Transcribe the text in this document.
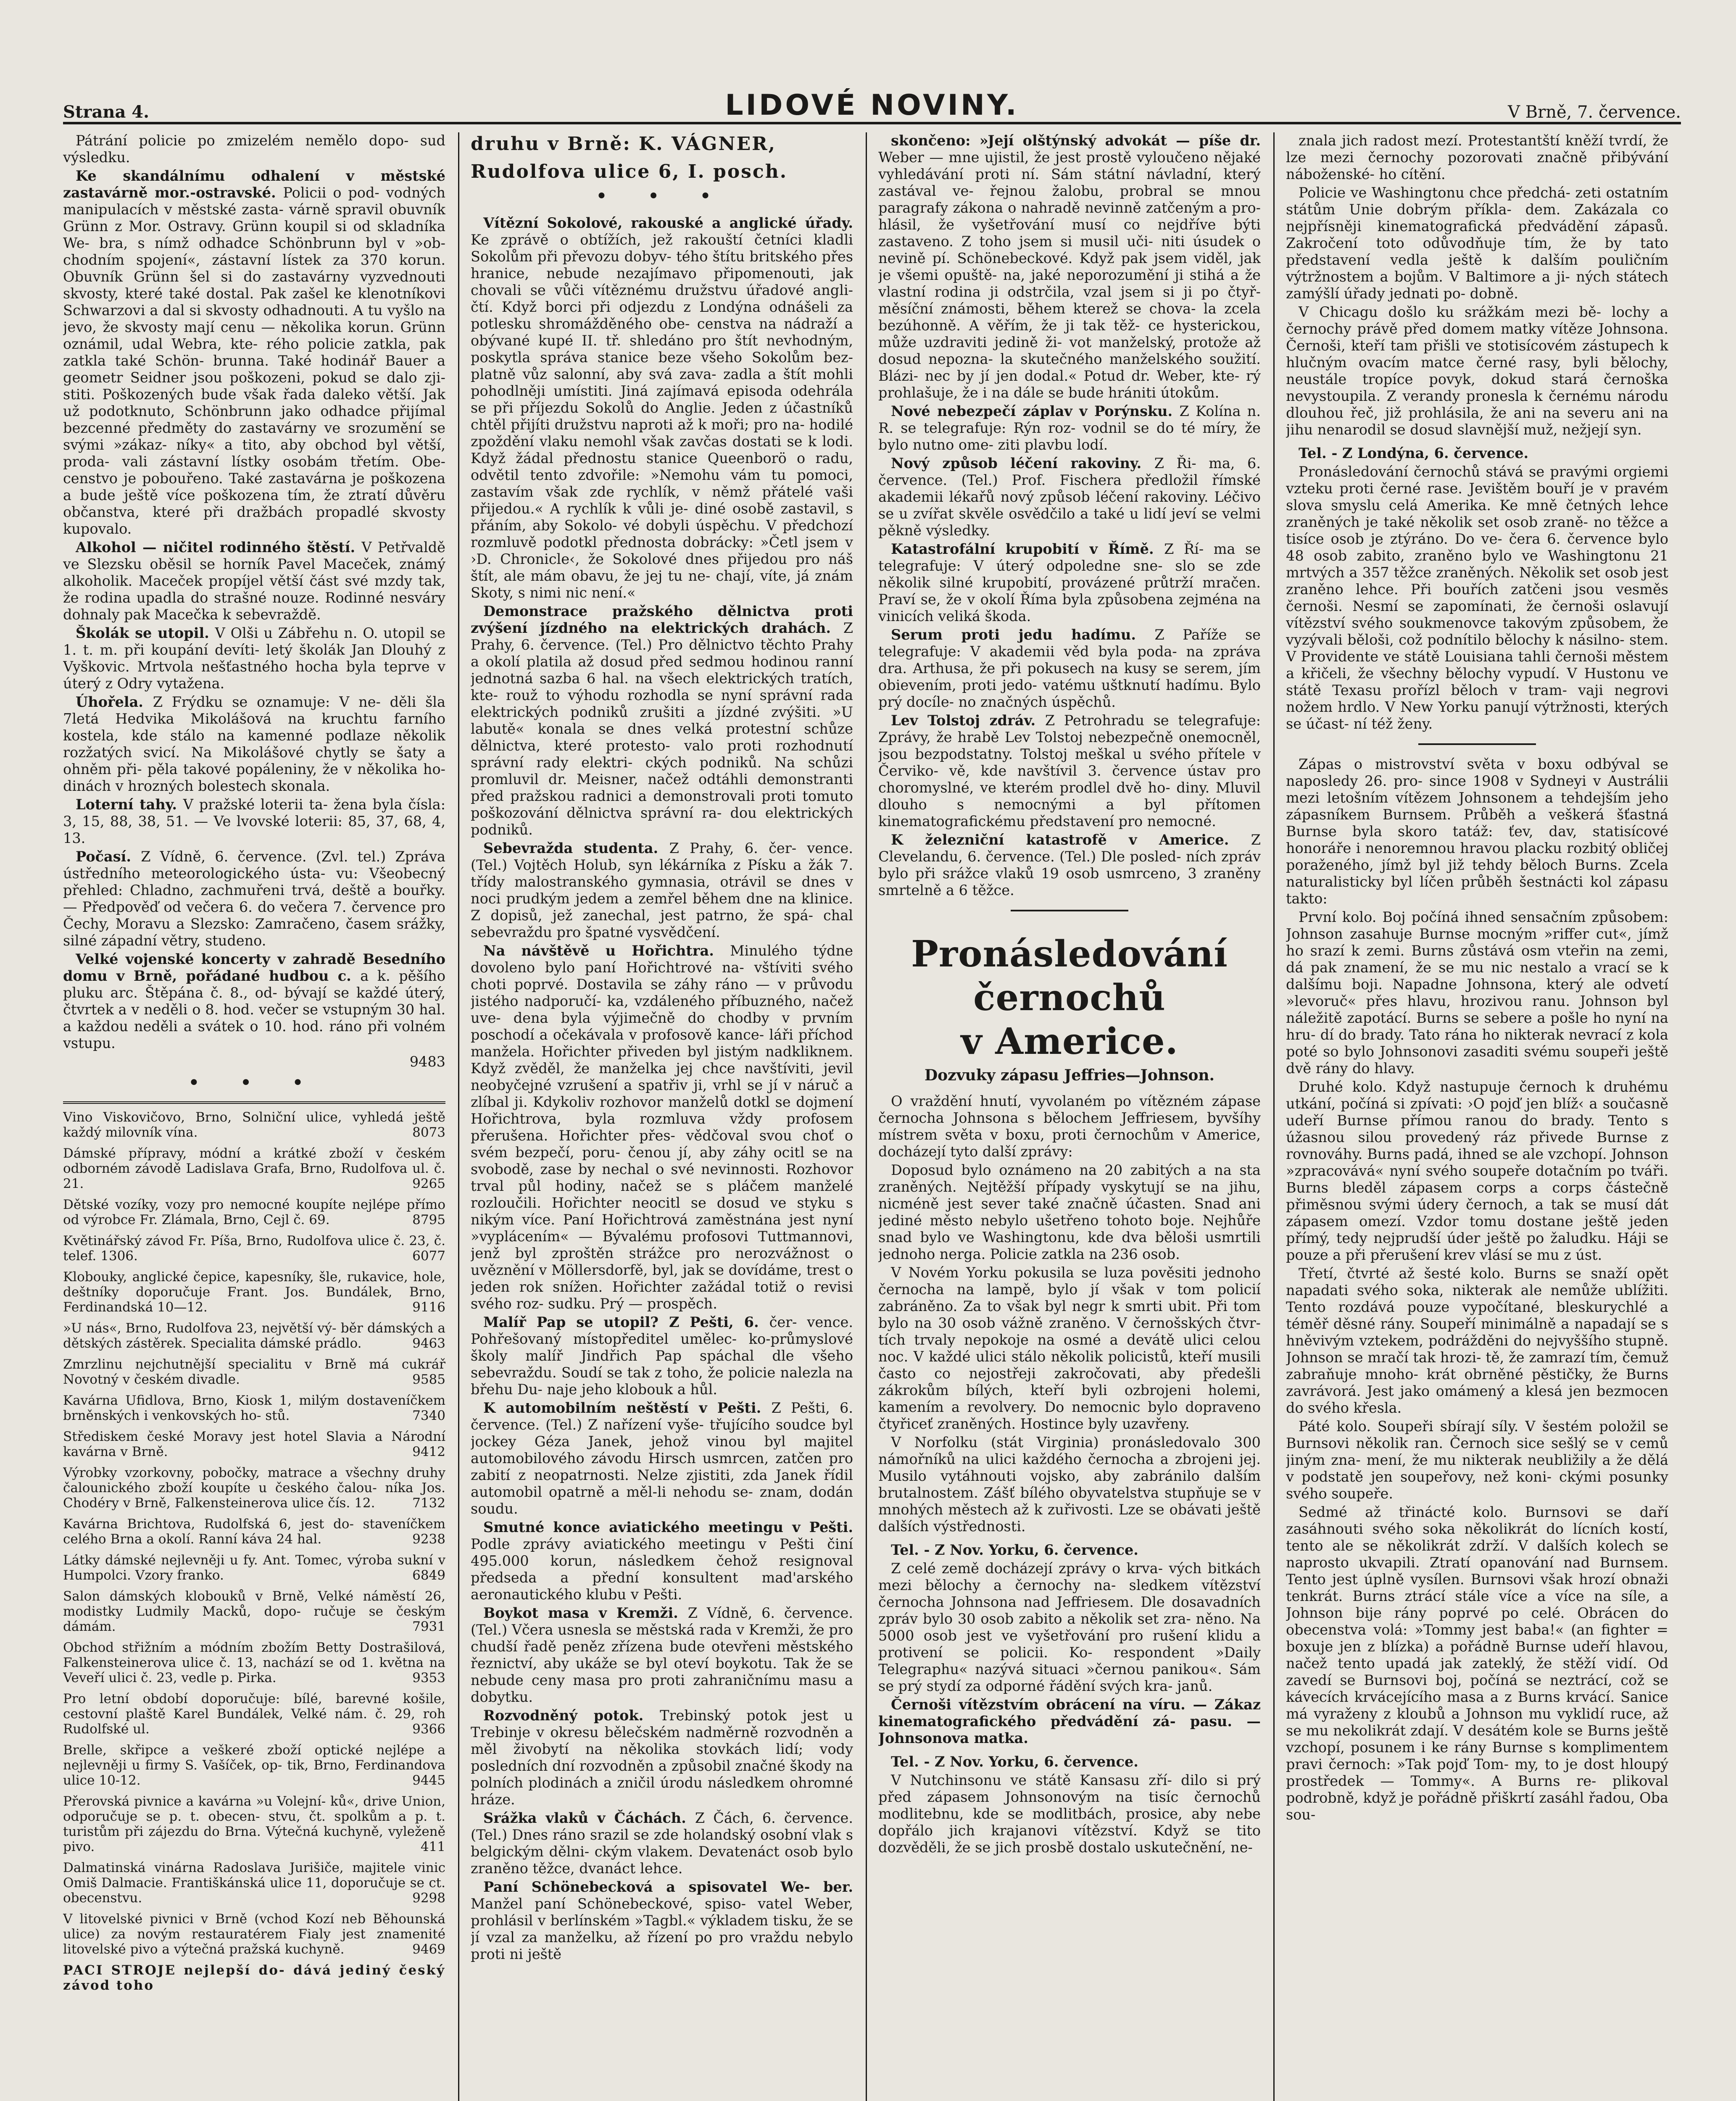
Strana 4.	LIDOVÉ NOVINY.	V Brně, 7. července.

Pátrání policie po zmizelém nemělo dopo- sud výsledku.

Ke skandálnímu odhalení v městské zastavárně mor.-ostravské. Policii o pod- vodných manipulacích v městské zasta- várně spravil obuvník Grünn z Mor. Ostravy. Grünn koupil si od skladníka We- bra, s nímž odhadce Schönbrunn byl v »ob- chodním spojení«, zástavní lístek za 370 korun. Obuvník Grünn šel si do zastavárny vyzvednouti skvosty, které také dostal. Pak zašel ke klenotníkovi Schwarzovi a dal si skvosty odhadnouti. A tu vyšlo na jevo, že skvosty mají cenu — několika korun. Grünn oznámil, udal Webra, kte- rého policie zatkla, pak zatkla také Schön- brunna. Také hodinář Bauer a geometr Seidner jsou poškozeni, pokud se dalo zji- stiti. Poškozených bude však řada daleko větší. Jak už podotknuto, Schönbrunn jako odhadce přijímal bezcenné předměty do zastavárny ve srozumění se svými »zákaz- níky« a tito, aby obchod byl větší, proda- vali zástavní lístky osobám třetím. Obe- censtvo je pobouřeno. Také zastavárna je poškozena a bude ještě více poškozena tím, že ztratí důvěru občanstva, které při dražbách propadlé skvosty kupovalo.

Alkohol — ničitel rodinného štěstí. V Petřvaldě ve Slezsku oběsil se horník Pavel Maceček, známý alkoholik. Maceček propíjel větší část své mzdy tak, že rodina upadla do strašné nouze. Rodinné nesváry dohnaly pak Macečka k sebevraždě.

Školák se utopil. V Olši u Zábřehu n. O. utopil se 1. t. m. při koupání devíti- letý školák Jan Dlouhý z Vyškovic. Mrtvola nešťastného hocha byla teprve v úterý z Odry vytažena.

Úhořela. Z Frýdku se oznamuje: V ne- děli šla 7letá Hedvika Mikolášová na kruchtu farního kostela, kde stálo na kamenné podlaze několik rozžatých svicí. Na Mikolášové chytly se šaty a ohněm při- pěla takové popáleniny, že v několika ho- dinách v hrozných bolestech skonala.

Loterní tahy. V pražské loterii ta- žena byla čísla: 3, 15, 88, 38, 51. — Ve lvovské loterii: 85, 37, 68, 4, 13.

Počasí. Z Vídně, 6. července. (Zvl. tel.) Zpráva ústředního meteorologického ústa- vu: Všeobecný přehled: Chladno, zachmuřeni trvá, deště a bouřky. — Předpověď od večera 6. do večera 7. července pro Čechy, Moravu a Slezsko: Zamračeno, časem srážky, silné západní větry, studeno.

Velké vojenské koncerty v zahradě Besedního domu v Brně, pořádané hudbou c. a k. pěšího pluku arc. Štěpána č. 8., od- bývají se každé úterý, čtvrtek a v neděli o 8. hod. večer se vstupným 30 hal. a každou neděli a svátek o 10. hod. ráno při volném vstupu.

9483

• • •

Vino Viskovičovo, Brno, Solniční ulice, vyhledá ještě každý milovník vína.	8073

Dámské přípravy, módní a krátké zboží v českém odborném závodě Ladislava Grafa, Brno, Rudolfova ul. č. 21.	9265

Dětské vozíky, vozy pro nemocné koupíte nejlépe přímo od výrobce Fr. Zlámala, Brno, Cejl č. 69.	8795

Květinářský závod Fr. Píša, Brno, Rudolfova ulice č. 23, č. telef. 1306.	6077

Klobouky, anglické čepice, kapesníky, šle, rukavice, hole, deštníky doporučuje Frant. Jos. Bundálek, Brno, Ferdinandská 10—12.	9116

»U nás«, Brno, Rudolfova 23, největší vý- běr dámských a dětských zástěrek. Specialita dámské prádlo.	9463

Zmrzlinu nejchutnější specialitu v Brně má cukrář Novotný v českém divadle.	9585

Kavárna Ufidlova, Brno, Kiosk 1, milým dostaveníčkem brněnských i venkovských ho- stů.	7340

Střediskem české Moravy jest hotel Slavia a Národní kavárna v Brně.	9412

Výrobky vzorkovny, pobočky, matrace a všechny druhy čalounického zboží koupíte u českého čalou- níka Jos. Chodéry v Brně, Falkensteinerova ulice čís. 12.	7132

Kavárna Brichtova, Rudolfská 6, jest do- staveníčkem celého Brna a okolí. Ranní káva 24 hal.	9238

Látky dámské nejlevněji u fy. Ant. Tomec, výroba sukní v Humpolci. Vzory franko.	6849

Salon dámských klobouků v Brně, Velké náměstí 26, modistky Ludmily Macků, dopo- ručuje se českým dámám.	7931

Obchod střižním a módním zbožím Betty Dostrašilová, Falkensteinerova ulice č. 13, nachází se od 1. května na Veveří ulici č. 23, vedle p. Pirka.	9353

Pro letní období doporučuje: bílé, barevné košile, cestovní plaště Karel Bundálek, Velké nám. č. 29, roh Rudolfské ul.	9366

Brelle, skřipce a veškeré zboží optické nejlépe a nejlevněji u firmy S. Vašíček, op- tik, Brno, Ferdinandova ulice 10-12.	9445

Přerovská pivnice a kavárna »u Volejní- ků«, drive Union, odporučuje se p. t. obecen- stvu, čt. spolkům a p. t. turistům při zájezdu do Brna. Výtečná kuchyně, vyleženě pivo.	411

Dalmatinská vinárna Radoslava Jurišiče, majitele vinic Omiš Dalmacie. Františkánská ulice 11, doporučuje se ct. obecenstvu.	9298

V litovelské pivnici v Brně (vchod Kozí neb Běhounská ulice) za novým restauratérem Fialy jest znamenité litovelské pivo a výtečná pražská kuchyně.	9469

PACI STROJE nejlepší do- dává jediný český závod toho

druhu v Brně: K. VÁGNER,

Rudolfova ulice 6, I. posch.

• • •

Vítězní Sokolové, rakouské a anglické úřady. Ke zprávě o obtížích, jež rakouští četníci kladli Sokolům při převozu dobyv- tého štítu britského přes hranice, nebude nezajímavo připomenouti, jak chovali se vůči vítěznému družstvu úřadové angli- čtí. Když borci při odjezdu z Londýna odnášeli za potlesku shromážděného obe- censtva na nádraží a obývané kupé II. tř. shledáno pro štít nevhodným, poskytla správa stanice beze všeho Sokolům bez- platně vůz salonní, aby svá zava- zadla a štít mohli pohodlněji umístiti. Jiná zajímavá episoda odehrála se při příjezdu Sokolů do Anglie. Jeden z účastníků chtěl přijíti družstvu naproti až k moři; pro na- hodilé zpoždění vlaku nemohl však zavčas dostati se k lodi. Když žádal přednostu stanice Queenborö o radu, odvětil tento zdvořile: »Nemohu vám tu pomoci, zastavím však zde rychlík, v němž přátelé vaši přijedou.« A rychlík k vůli je- diné osobě zastavil, s přáním, aby Sokolo- vé dobyli úspěchu. V předchozí rozmluvě podotkl přednosta dobrácky: »Četl jsem v ›D. Chronicle‹, že Sokolové dnes přijedou pro náš štít, ale mám obavu, že jej tu ne- chají, víte, já znám Skoty, s nimi nic není.«

Demonstrace pražského dělnictva proti zvýšení jízdného na elektrických drahách. Z Prahy, 6. července. (Tel.) Pro dělnictvo těchto Prahy a okolí platila až dosud před sedmou hodinou ranní jednotná sazba 6 hal. na všech elektrických tratích, kte- rouž to výhodu rozhodla se nyní správní rada elektrických podniků zrušiti a jízdné zvýšiti. »U labutě« konala se dnes velká protestní schůze dělnictva, které protesto- valo proti rozhodnutí správní rady elektri- ckých podniků. Na schůzi promluvil dr. Meisner, načež odtáhli demonstranti před pražskou radnici a demonstrovali proti tomuto poškozování dělnictva správní ra- dou elektrických podniků.

Sebevražda studenta. Z Prahy, 6. čer- vence. (Tel.) Vojtěch Holub, syn lékárníka z Písku a žák 7. třídy malostranského gymnasia, otrávil se dnes v noci prudkým jedem a zemřel během dne na klinice. Z dopisů, jež zanechal, jest patrno, že spá- chal sebevraždu pro špatné vysvědčení.

Na návštěvě u Hořichtra. Minulého týdne dovoleno bylo paní Hořichtrové na- vštíviti svého choti poprvé. Dostavila se záhy ráno — v průvodu jistého nadporučí- ka, vzdáleného příbuzného, načež uve- dena byla výjimečně do chodby v prvním poschodí a očekávala v profosově kance- láři příchod manžela. Hořichter přiveden byl jistým nadkliknem. Když zvěděl, že manželka jej chce navštíviti, jevil neobyčejné vzrušení a spatřiv ji, vrhl se jí v náruč a zlíbal ji. Kdykoliv rozhovor manželů dotkl se dojmení Hořichtrova, byla rozmluva vždy profosem přerušena. Hořichter přes- vědčoval svou choť o svém bezpečí, poru- čenou jí, aby záhy ocitl se na svobodě, zase by nechal o své nevinnosti. Rozhovor trval půl hodiny, načež se s pláčem manželé rozloučili. Hořichter neocitl se dosud ve styku s nikým více. Paní Hořichtrová zaměstnána jest nyní »vyplácením« — Bývalému profosovi Tuttmannovi, jenž byl zproštěn strážce pro nerozvážnost o uvěznění v Möllersdorfě, byl, jak se dovídáme, trest o jeden rok snížen. Hořichter zažádal totiž o revisi svého roz- sudku. Prý — prospěch.

Malíř Pap se utopil? Z Pešti, 6. čer- vence. Pohřešovaný místopředitel umělec- ko-průmyslové školy malíř Jindřich Pap spáchal dle všeho sebevraždu. Soudí se tak z toho, že policie nalezla na břehu Du- naje jeho klobouk a hůl.

K automobilním neštěstí v Pešti. Z Pešti, 6. července. (Tel.) Z nařízení vyše- třujícího soudce byl jockey Géza Janek, jehož vinou byl majitel automobilového závodu Hirsch usmrcen, zatčen pro zabití z neopatrnosti. Nelze zjistiti, zda Janek řídil automobil opatrně a měl-li nehodu se- znam, dodán soudu.

Smutné konce aviatického meetingu v Pešti. Podle zprávy aviatického meetingu v Pešti činí 495.000 korun, následkem čehož resignoval předseda a přední konsultent mad'arského aeronautického klubu v Pešti.

Boykot masa v Kremži. Z Vídně, 6. července. (Tel.) Včera usnesla se městská rada v Kremži, že pro chudší řadě peněz zřízena bude otevřeni městského řeznictví, aby ukáže se byl oteví boykotu. Tak že se nebude ceny masa pro proti zahraničnímu masu a dobytku.

Rozvodněný potok. Trebinský potok jest u Trebinje v okresu bělečském nadměrně rozvodněn a měl živobytí na několika stovkách lidí; vody posledních dní rozvodněn a způsobil značné škody na polních plodinách a zničil úrodu následkem ohromné hráze.

Srážka vlaků v Čáchách. Z Čách, 6. července. (Tel.) Dnes ráno srazil se zde holandský osobní vlak s belgickým dělni- ckým vlakem. Devatenáct osob bylo zraněno těžce, dvanáct lehce.

Paní Schönebecková a spisovatel We- ber. Manžel paní Schönebeckové, spiso- vatel Weber, prohlásil v berlínském »Tagbl.« výkladem tisku, že se jí vzal za manželku, až řízení po pro vraždu nebylo proti ni ještě

skončeno: »Její olštýnský advokát — píše dr. Weber — mne ujistil, že jest prostě vyloučeno nějaké vyhledávání proti ní. Sám státní návladní, který zastával ve- řejnou žalobu, probral se mnou paragrafy zákona o nahradě nevinně zatčeným a pro- hlásil, že vyšetřování musí co nejdříve býti zastaveno. Z toho jsem si musil uči- niti úsudek o nevině pí. Schönebeckové. Když pak jsem viděl, jak je všemi opuště- na, jaké neporozumění ji stihá a že vlastní rodina ji odstrčila, vzal jsem si ji po čtyř- měsíční známosti, během kterež se chova- la zcela bezúhonně. A věřím, že ji tak těž- ce hysterickou, může uzdraviti jedině ži- vot manželský, protože až dosud nepozna- la skutečného manželského soužití. Blázi- nec by jí jen dodal.« Potud dr. Weber, kte- rý prohlašuje, že i na dále se bude hrániti útokům.

Nové nebezpečí záplav v Porýnsku. Z Kolína n. R. se telegrafuje: Rýn roz- vodnil se do té míry, že bylo nutno ome- ziti plavbu lodí.

Nový způsob léčení rakoviny. Z Ři- ma, 6. července. (Tel.) Prof. Fischera předložil římské akademii lékařů nový způsob léčení rakoviny. Léčivo se u zvířat skvěle osvědčilo a také u lidí jeví se velmi pěkně výsledky.

Katastrofální krupobití v Římě. Z Ří- ma se telegrafuje: V úterý odpoledne sne- slo se zde několik silné krupobití, provázené průtrží mračen. Praví se, že v okolí Říma byla způsobena zejména na vinicích veliká škoda.

Serum proti jedu hadímu. Z Paříže se telegrafuje: V akademii věd byla poda- na zpráva dra. Arthusa, že při pokusech na kusy se serem, jím obievením, proti jedo- vatému uštknutí hadímu. Bylo prý docíle- no značných úspěchů.

Lev Tolstoj zdráv. Z Petrohradu se telegrafuje: Zprávy, že hrabě Lev Tolstoj nebezpečně onemocněl, jsou bezpodstatny. Tolstoj meškal u svého přítele v Červiko- vě, kde navštívil 3. července ústav pro choromyslné, ve kterém prodlel dvě ho- diny. Mluvil dlouho s nemocnými a byl přítomen kinematografickému představení pro nemocné.

K železniční katastrofě v Americe. Z Clevelandu, 6. července. (Tel.) Dle posled- ních zpráv bylo při srážce vlaků 19 osob usmrceno, 3 zraněny smrtelně a 6 těžce.

Pronásledování černochů
v Americe.

Dozvuky zápasu Jeffries—Johnson.

O vraždění hnutí, vyvolaném po vítězném zápase černocha Johnsona s bělochem Jeffriesem, byvšíhy místrem světa v boxu, proti černochům v Americe, docházejí tyto další zprávy:

Doposud bylo oznámeno na 20 zabitých a na sta zraněných. Nejtěžší případy vyskytují se na jihu, nicméně jest sever také značně účasten. Snad ani jediné město nebylo ušetřeno tohoto boje. Nejhůře snad bylo ve Washingtonu, kde dva běloši usmrtili jednoho nerga. Policie zatkla na 236 osob.

V Novém Yorku pokusila se luza pověsiti jednoho černocha na lampě, bylo jí však v tom policií zabráněno. Za to však byl negr k smrti ubit. Při tom bylo na 30 osob vážně zraněno. V černošských čtvr- tích trvaly nepokoje na osmé a devátě ulici celou noc. V každé ulici stálo několik policistů, kteří musili často co nejostřeji zakročovati, aby předešli zákrokům bílých, kteří byli ozbrojeni holemi, kamením a revolvery. Do nemocnic bylo dopraveno čtyřiceť zraněných. Hostince byly uzavřeny.

V Norfolku (stát Virginia) pronásledovalo 300 námořníků na ulici každého černocha a zbrojeni jej. Musilo vytáhnouti vojsko, aby zabránilo dalším brutalnostem. Zášť bílého obyvatelstva stupňuje se v mnohých městech až k zuřivosti. Lze se obávati ještě dalších výstřednosti.

Tel. - Z Nov. Yorku, 6. července.

Z celé země docházejí zprávy o krva- vých bitkách mezi bělochy a černochy na- sledkem vítězství černocha Johnsona nad Jeffriesem. Dle dosavadních zpráv bylo 30 osob zabito a několik set zra- něno. Na 5000 osob jest ve vyšetřování pro rušení klidu a protivení se policii. Ko- respondent »Daily Telegraphu« nazývá situaci »černou panikou«. Sám se prý stydí za odporné řádění svých kra- janů.

Černoši vítězstvím obrácení na víru. — Zákaz kinematografického předvádění zá- pasu. — Johnsonova matka.

Tel. - Z Nov. Yorku, 6. července.

V Nutchinsonu ve státě Kansasu zří- dilo si prý před zápasem Johnsonovým na tisíc černochů modlitebnu, kde se modlitbách, prosice, aby nebe dopřálo jich krajanovi vítězství. Když se tito dozvěděli, že se jich prosbě dostalo uskutečnění, ne-

znala jich radost mezí. Protestantští kněží tvrdí, že lze mezi černochy pozorovati značně přibývání náboženské- ho cítění.

Policie ve Washingtonu chce předchá- zeti ostatním státům Unie dobrým příkla- dem. Zakázala co nejpřísněji kinematografická předvádění zápasů. Zakročení toto odůvodňuje tím, že by tato představení vedla ještě k dalším pouličním výtržnostem a bojům. V Baltimore a ji- ných státech zamýšlí úřady jednati po- dobně.

V Chicagu došlo ku srážkám mezi bě- lochy a černochy právě před domem matky vítěze Johnsona. Černoši, kteří tam přišli ve stotisícovém zástupech k hlučným ovacím matce černé rasy, byli bělochy, neustále tropíce povyk, dokud stará černoška nevystoupila. Z verandy pronesla k černému národu dlouhou řeč, již prohlásila, že ani na severu ani na jihu nenarodil se dosud slavnější muž, nežjejí syn.

Tel. - Z Londýna, 6. července.

Pronásledování černochů stává se pravými orgiemi vzteku proti černé rase. Jevištěm bouří je v pravém slova smyslu celá Amerika. Ke mně četných lehce zraněných je také několik set osob zraně- no těžce a tisíce osob je ztýráno. Do ve- čera 6. července bylo 48 osob zabito, zraněno bylo ve Washingtonu 21 mrtvých a 357 těžce zraněných. Několik set osob jest zraněno lehce. Při bouřích zatčeni jsou vesměs černoši. Nesmí se zapomínati, že černoši oslavují vítězství svého soukmenovce takovým způsobem, že vyzývali běloši, což podnítilo bělochy k násilno- stem. V Providente ve státě Louisiana tahli černoši městem a křičeli, že všechny bělochy vypudí. V Hustonu ve státě Texasu prořízl běloch v tram- vaji negrovi nožem hrdlo. V New Yorku panují výtržnosti, kterých se účast- ní též ženy.

Zápas o mistrovství světa v boxu odbýval se naposledy 26. pro- since 1908 v Sydneyi v Austrálii mezi letošním vítězem Johnsonem a tehdejším jeho zápasníkem Burnsem. Průběh a veškerá šťastná Burnse byla skoro tatáž: ťev, dav, statisícové honoráře i nenoremnou hravou placku rozbitý obličej poraženého, jímž byl již tehdy běloch Burns. Zcela naturalisticky byl líčen průběh šestnácti kol zápasu takto:

První kolo. Boj počíná ihned sensačním způsobem: Johnson zasahuje Burnse mocným »riffer cut«, jímž ho srazí k zemi. Burns zůstává osm vteřin na zemi, dá pak znamení, že se mu nic nestalo a vrací se k dalšímu boji. Napadne Johnsona, který ale odvetí »levoruč« přes hlavu, hrozivou ranu. Johnson byl náležitě zapotácí. Burns se sebere a pošle ho nyní na hru- dí do brady. Tato rána ho nikterak nevrací z kola poté so bylo Johnsonovi zasaditi svému soupeři ještě dvě rány do hlavy.

Druhé kolo. Když nastupuje černoch k druhému utkání, počíná si zpívati: ›O pojď jen blíž‹ a současně udeří Burnse přímou ranou do brady. Tento s úžasnou silou provedený ráz přivede Burnse z rovnováhy. Burns padá, ihned se ale vzchopí. Johnson »zpracovává« nyní svého soupeře dotačním po tváři. Burns bleděl zápasem corps a corps částečně přiměsnou svými údery černoch, a tak se musí dát zápasem omezí. Vzdor tomu dostane ještě jeden přímý, tedy nejprudší úder ještě po žaludku. Háji se pouze a při přerušení krev vlásí se mu z úst.

Třetí, čtvrté až šesté kolo. Burns se snaží opět napadati svého soka, nikterak ale nemůže ublížiti. Tento rozdává pouze vypočítané, bleskurychlé a téměř děsné rány. Soupeří minimálně a napadají se s hněvivým vztekem, podrážděni do nejvyššího stupně. Johnson se mračí tak hrozi- tě, že zamrazí tím, čemuž zabraňuje mnoho- krát obrněné pěstičky, že Burns zavrávorá. Jest jako omámený a klesá jen bezmocen do svého křesla.

Páté kolo. Soupeři sbírají síly. V šestém položil se Burnsovi několik ran. Černoch sice sešlý se v cemů jiným zna- mení, že mu nikterak neubližily a že dělá v podstatě jen soupeřovy, než koni- ckými posunky svého soupeře.

Sedmé až třinácté kolo. Burnsovi se daří zasáhnouti svého soka několikrát do lícních kostí, tento ale se několikrát zdrží. V dalších kolech se naprosto ukvapili. Ztratí opanování nad Burnsem. Tento jest úplně vysílen. Burnsovi však hrozí obnaži tenkrát. Burns ztrácí stále více a více na síle, a Johnson bije rány poprvé po celé. Obrácen do obecenstva volá: »Tommy jest baba!« (an fighter = boxuje jen z blízka) a pořádně Burnse udeří hlavou, načež tento upadá jak zateklý, že stěží vidí. Od zavedí se Burnsovi boj, počíná se neztrácí, což se kávecích krvácejícího masa a z Burns krvácí. Sanice má vyraženy z kloubů a Johnson mu vyklidí ruce, až se mu nekolikrát zdají. V desátém kole se Burns ještě vzchopí, posunem i ke rány Burnse s komplimentem pravi černoch: »Tak pojď Tom- my, to je dost hloupý prostředek — Tommy«. A Burns re- plikoval podrobně, když je pořádně přiškrtí zasáhl řadou, Oba sou-
